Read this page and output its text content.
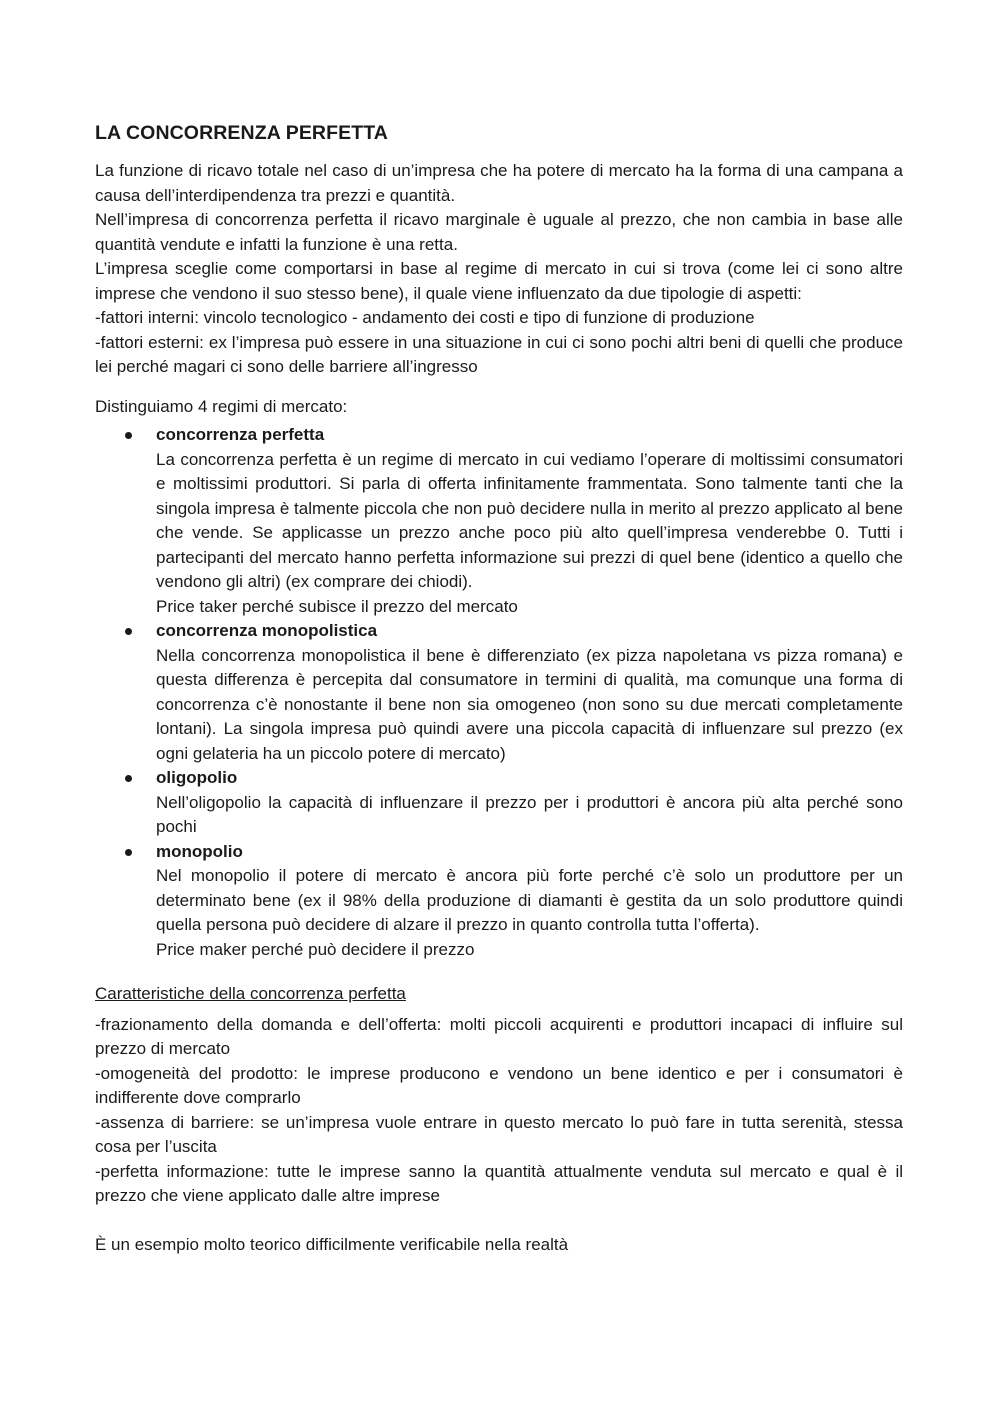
LA CONCORRENZA PERFETTA

La funzione di ricavo totale nel caso di un’impresa che ha potere di mercato ha la forma di una campana a causa dell’interdipendenza tra prezzi e quantità.

Nell’impresa di concorrenza perfetta il ricavo marginale è uguale al prezzo, che non cambia in base alle quantità vendute e infatti la funzione è una retta.

L’impresa sceglie come comportarsi in base al regime di mercato in cui si trova (come lei ci sono altre imprese che vendono il suo stesso bene), il quale viene influenzato da due tipologie di aspetti:

-fattori interni: vincolo tecnologico - andamento dei costi e tipo di funzione di produzione

-fattori esterni: ex l’impresa può essere in una situazione in cui ci sono pochi altri beni di quelli che produce lei perché magari ci sono delle barriere all’ingresso

Distinguiamo 4 regimi di mercato:

concorrenza perfetta
La concorrenza perfetta è un regime di mercato in cui vediamo l’operare di moltissimi consumatori e moltissimi produttori. Si parla di offerta infinitamente frammentata. Sono talmente tanti che la singola impresa è talmente piccola che non può decidere nulla in merito al prezzo applicato al bene che vende. Se applicasse un prezzo anche poco più alto quell’impresa venderebbe 0. Tutti i partecipanti del mercato hanno perfetta informazione sui prezzi di quel bene (identico a quello che vendono gli altri) (ex comprare dei chiodi).
Price taker perché subisce il prezzo del mercato
concorrenza monopolistica
Nella concorrenza monopolistica il bene è differenziato (ex pizza napoletana vs pizza romana) e questa differenza è percepita dal consumatore in termini di qualità, ma comunque una forma di concorrenza c’è nonostante il bene non sia omogeneo (non sono su due mercati completamente lontani). La singola impresa può quindi avere una piccola capacità di influenzare sul prezzo (ex ogni gelateria ha un piccolo potere di mercato)
oligopolio
Nell’oligopolio la capacità di influenzare il prezzo per i produttori è ancora più alta perché sono pochi
monopolio
Nel monopolio il potere di mercato è ancora più forte perché c’è solo un produttore per un determinato bene (ex il 98% della produzione di diamanti è gestita da un solo produttore quindi quella persona può decidere di alzare il prezzo in quanto controlla tutta l’offerta).
Price maker perché può decidere il prezzo

Caratteristiche della concorrenza perfetta

-frazionamento della domanda e dell’offerta: molti piccoli acquirenti e produttori incapaci di influire sul prezzo di mercato

-omogeneità del prodotto: le imprese producono e vendono un bene identico e per i consumatori è indifferente dove comprarlo

-assenza di barriere: se un’impresa vuole entrare in questo mercato lo può fare in tutta serenità, stessa cosa per l’uscita

-perfetta informazione: tutte le imprese sanno la quantità attualmente venduta sul mercato e qual è il prezzo che viene applicato dalle altre imprese

È un esempio molto teorico difficilmente verificabile nella realtà
